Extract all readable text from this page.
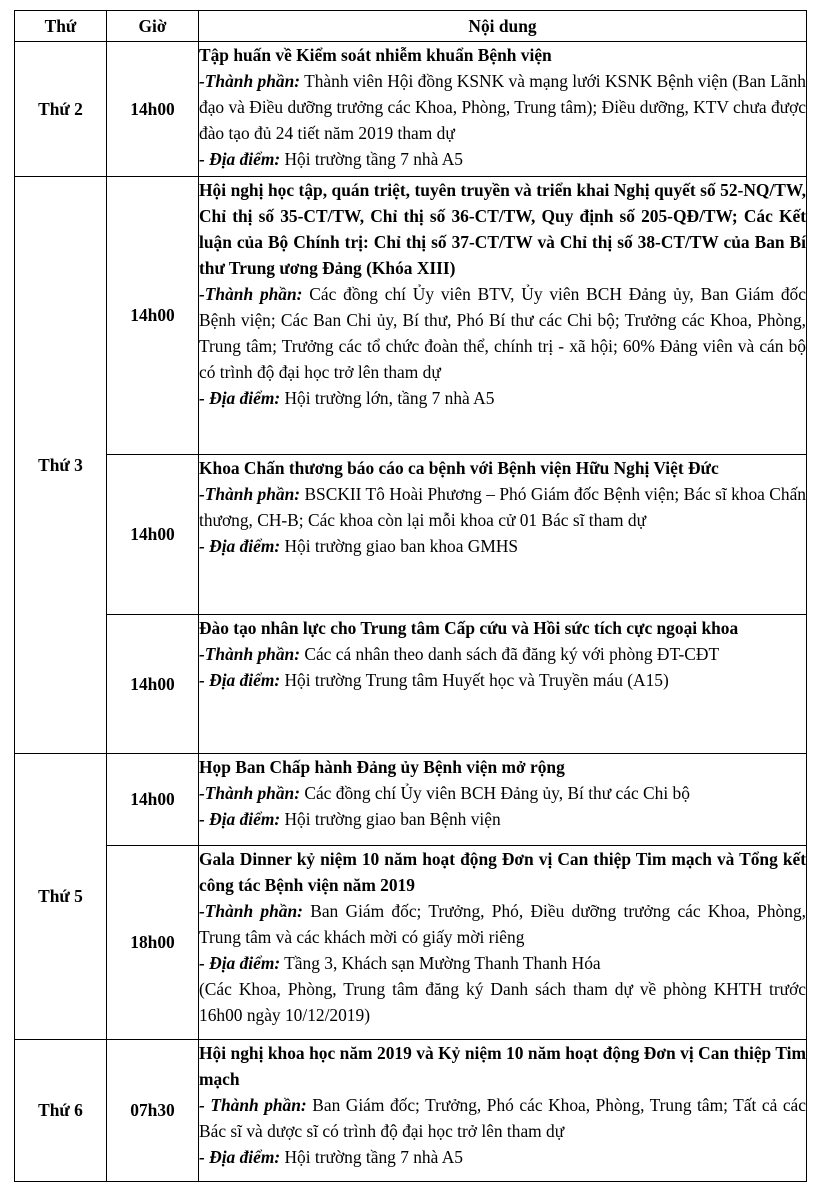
Thứ	Giờ	Nội dung
Thứ 2	14h00	Tập huấn về Kiểm soát nhiễm khuẩn Bệnh viện
-Thành phần: Thành viên Hội đồng KSNK và mạng lưới KSNK Bệnh viện (Ban Lãnh đạo và Điều dưỡng trưởng các Khoa, Phòng, Trung tâm); Điều dưỡng, KTV chưa được đào tạo đủ 24 tiết năm 2019 tham dự
- Địa điểm: Hội trường tầng 7 nhà A5

Thứ 3	14h00	Hội nghị học tập, quán triệt, tuyên truyền và triển khai Nghị quyết số 52-NQ/TW, Chỉ thị số 35-CT/TW, Chỉ thị số 36-CT/TW, Quy định số 205-QĐ/TW; Các Kết luận của Bộ Chính trị: Chỉ thị số 37-CT/TW và Chỉ thị số 38-CT/TW của Ban Bí thư Trung ương Đảng (Khóa XIII)
-Thành phần: Các đồng chí Ủy viên BTV, Ủy viên BCH Đảng ủy, Ban Giám đốc Bệnh viện; Các Ban Chi ủy, Bí thư, Phó Bí thư các Chi bộ; Trưởng các Khoa, Phòng, Trung tâm; Trưởng các tổ chức đoàn thể, chính trị - xã hội; 60% Đảng viên và cán bộ có trình độ đại học trở lên tham dự
- Địa điểm: Hội trường lớn, tầng 7 nhà A5

	14h00	Khoa Chấn thương báo cáo ca bệnh với Bệnh viện Hữu Nghị Việt Đức
-Thành phần: BSCKII Tô Hoài Phương – Phó Giám đốc Bệnh viện; Bác sĩ khoa Chấn thương, CH-B; Các khoa còn lại mỗi khoa cử 01 Bác sĩ tham dự
- Địa điểm: Hội trường giao ban khoa GMHS

	14h00	Đào tạo nhân lực cho Trung tâm Cấp cứu và Hồi sức tích cực ngoại khoa
-Thành phần: Các cá nhân theo danh sách đã đăng ký với phòng ĐT-CĐT
- Địa điểm: Hội trường Trung tâm Huyết học và Truyền máu (A15)

Thứ 5	14h00	Họp Ban Chấp hành Đảng ủy Bệnh viện mở rộng
-Thành phần: Các đồng chí Ủy viên BCH Đảng ủy, Bí thư các Chi bộ
- Địa điểm: Hội trường giao ban Bệnh viện

	18h00	Gala Dinner kỷ niệm 10 năm hoạt động Đơn vị Can thiệp Tim mạch và Tổng kết công tác Bệnh viện năm 2019
-Thành phần: Ban Giám đốc; Trưởng, Phó, Điều dưỡng trưởng các Khoa, Phòng, Trung tâm và các khách mời có giấy mời riêng
- Địa điểm: Tầng 3, Khách sạn Mường Thanh Thanh Hóa
(Các Khoa, Phòng, Trung tâm đăng ký Danh sách tham dự về phòng KHTH trước 16h00 ngày 10/12/2019)

Thứ 6	07h30	Hội nghị khoa học năm 2019 và Kỷ niệm 10 năm hoạt động Đơn vị Can thiệp Tim mạch
- Thành phần: Ban Giám đốc; Trưởng, Phó các Khoa, Phòng, Trung tâm; Tất cả các Bác sĩ và dược sĩ có trình độ đại học trở lên tham dự
- Địa điểm: Hội trường tầng 7 nhà A5
